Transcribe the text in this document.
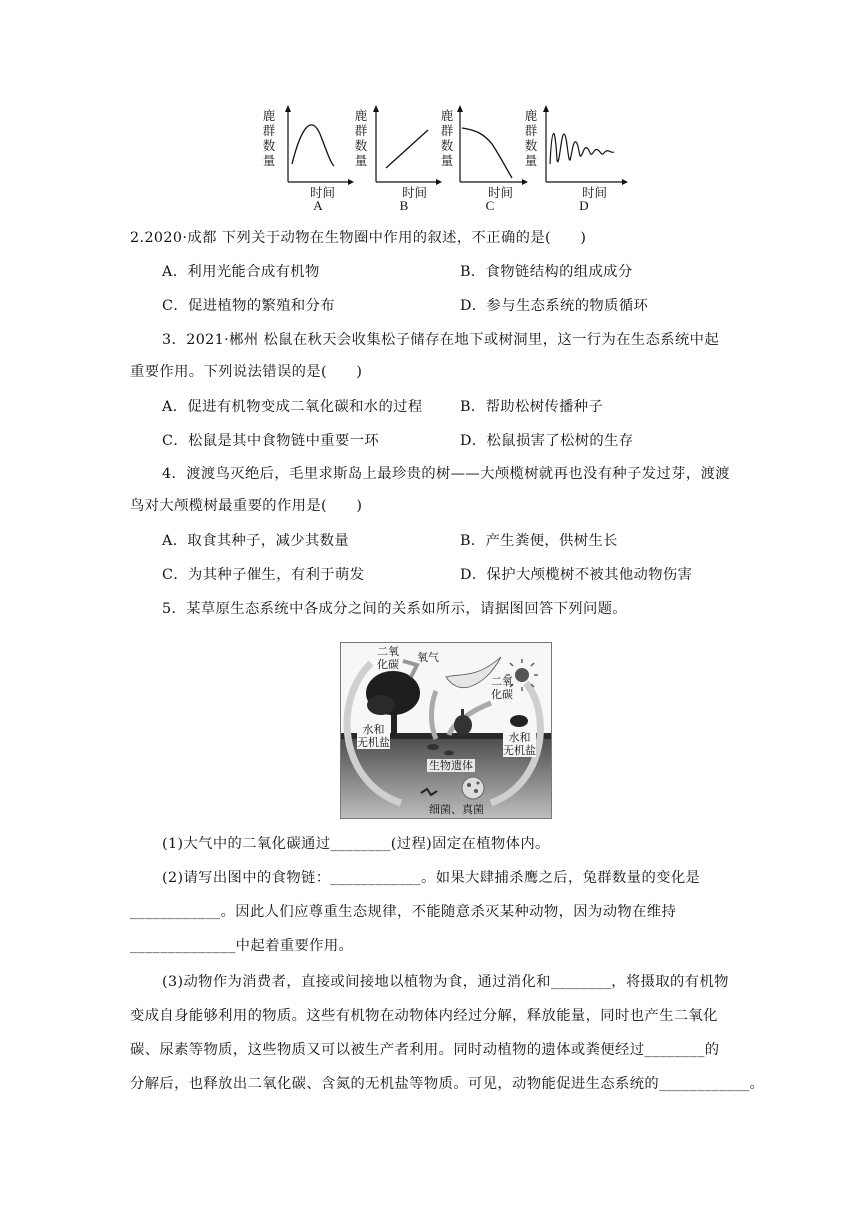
鹿
群
数
量
时间
A
鹿
群
数
量
时间
B
鹿
群
数
量
时间
C
鹿
群
数
量
时间
D
2.2020·成都 下列关于动物在生物圈中作用的叙述，不正确的是(　　)
A．利用光能合成有机物	B．食物链结构的组成成分
C．促进植物的繁殖和分布	D．参与生态系统的物质循环
3．2021·郴州 松鼠在秋天会收集松子储存在地下或树洞里，这一行为在生态系统中起
重要作用。下列说法错误的是(　　)
A．促进有机物变成二氧化碳和水的过程	B．帮助松树传播种子
C．松鼠是其中食物链中重要一环	D．松鼠损害了松树的生存
4．渡渡鸟灭绝后，毛里求斯岛上最珍贵的树——大颅榄树就再也没有种子发过芽，渡渡
鸟对大颅榄树最重要的作用是(　　)
A．取食其种子，减少其数量	B．产生粪便，供树生长
C．为其种子催生，有利于萌发	D．保护大颅榄树不被其他动物伤害
5．某草原生态系统中各成分之间的关系如所示，请据图回答下列问题。
二氧
化碳
氧气
二氧
化碳
水和
无机盐	水和
无机盐
生物遗体
细菌、真菌
(1)大气中的二氧化碳通过________(过程)固定在植物体内。
(2)请写出图中的食物链：____________。如果大肆捕杀鹰之后，兔群数量的变化是
____________。因此人们应尊重生态规律，不能随意杀灭某种动物，因为动物在维持
______________中起着重要作用。
(3)动物作为消费者，直接或间接地以植物为食，通过消化和________，将摄取的有机物
变成自身能够利用的物质。这些有机物在动物体内经过分解，释放能量，同时也产生二氧化
碳、尿素等物质，这些物质又可以被生产者利用。同时动植物的遗体或粪便经过________的
分解后，也释放出二氧化碳、含氮的无机盐等物质。可见，动物能促进生态系统的____________。
